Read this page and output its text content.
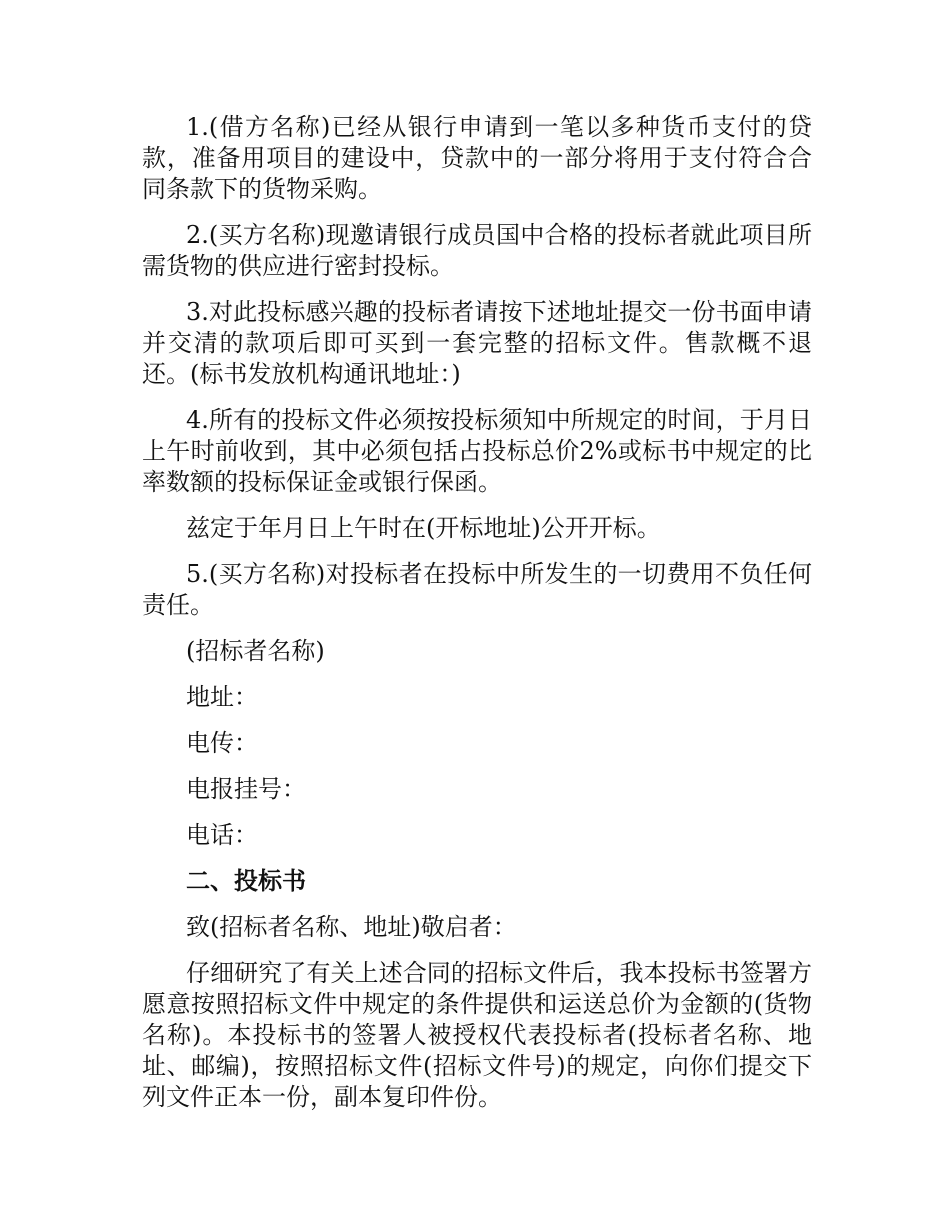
1.(借方名称)已经从银行申请到一笔以多种货币支付的贷款，准备用项目的建设中，贷款中的一部分将用于支付符合合同条款下的货物采购。

2.(买方名称)现邀请银行成员国中合格的投标者就此项目所需货物的供应进行密封投标。

3.对此投标感兴趣的投标者请按下述地址提交一份书面申请并交清的款项后即可买到一套完整的招标文件。售款概不退还。(标书发放机构通讯地址：)

4.所有的投标文件必须按投标须知中所规定的时间，于月日上午时前收到，其中必须包括占投标总价2%或标书中规定的比率数额的投标保证金或银行保函。

兹定于年月日上午时在(开标地址)公开开标。

5.(买方名称)对投标者在投标中所发生的一切费用不负任何责任。

(招标者名称)

地址：

电传：

电报挂号：

电话：

二、投标书

致(招标者名称、地址)敬启者：

仔细研究了有关上述合同的招标文件后，我本投标书签署方愿意按照招标文件中规定的条件提供和运送总价为金额的(货物名称)。本投标书的签署人被授权代表投标者(投标者名称、地址、邮编)，按照招标文件(招标文件号)的规定，向你们提交下列文件正本一份，副本复印件份。
